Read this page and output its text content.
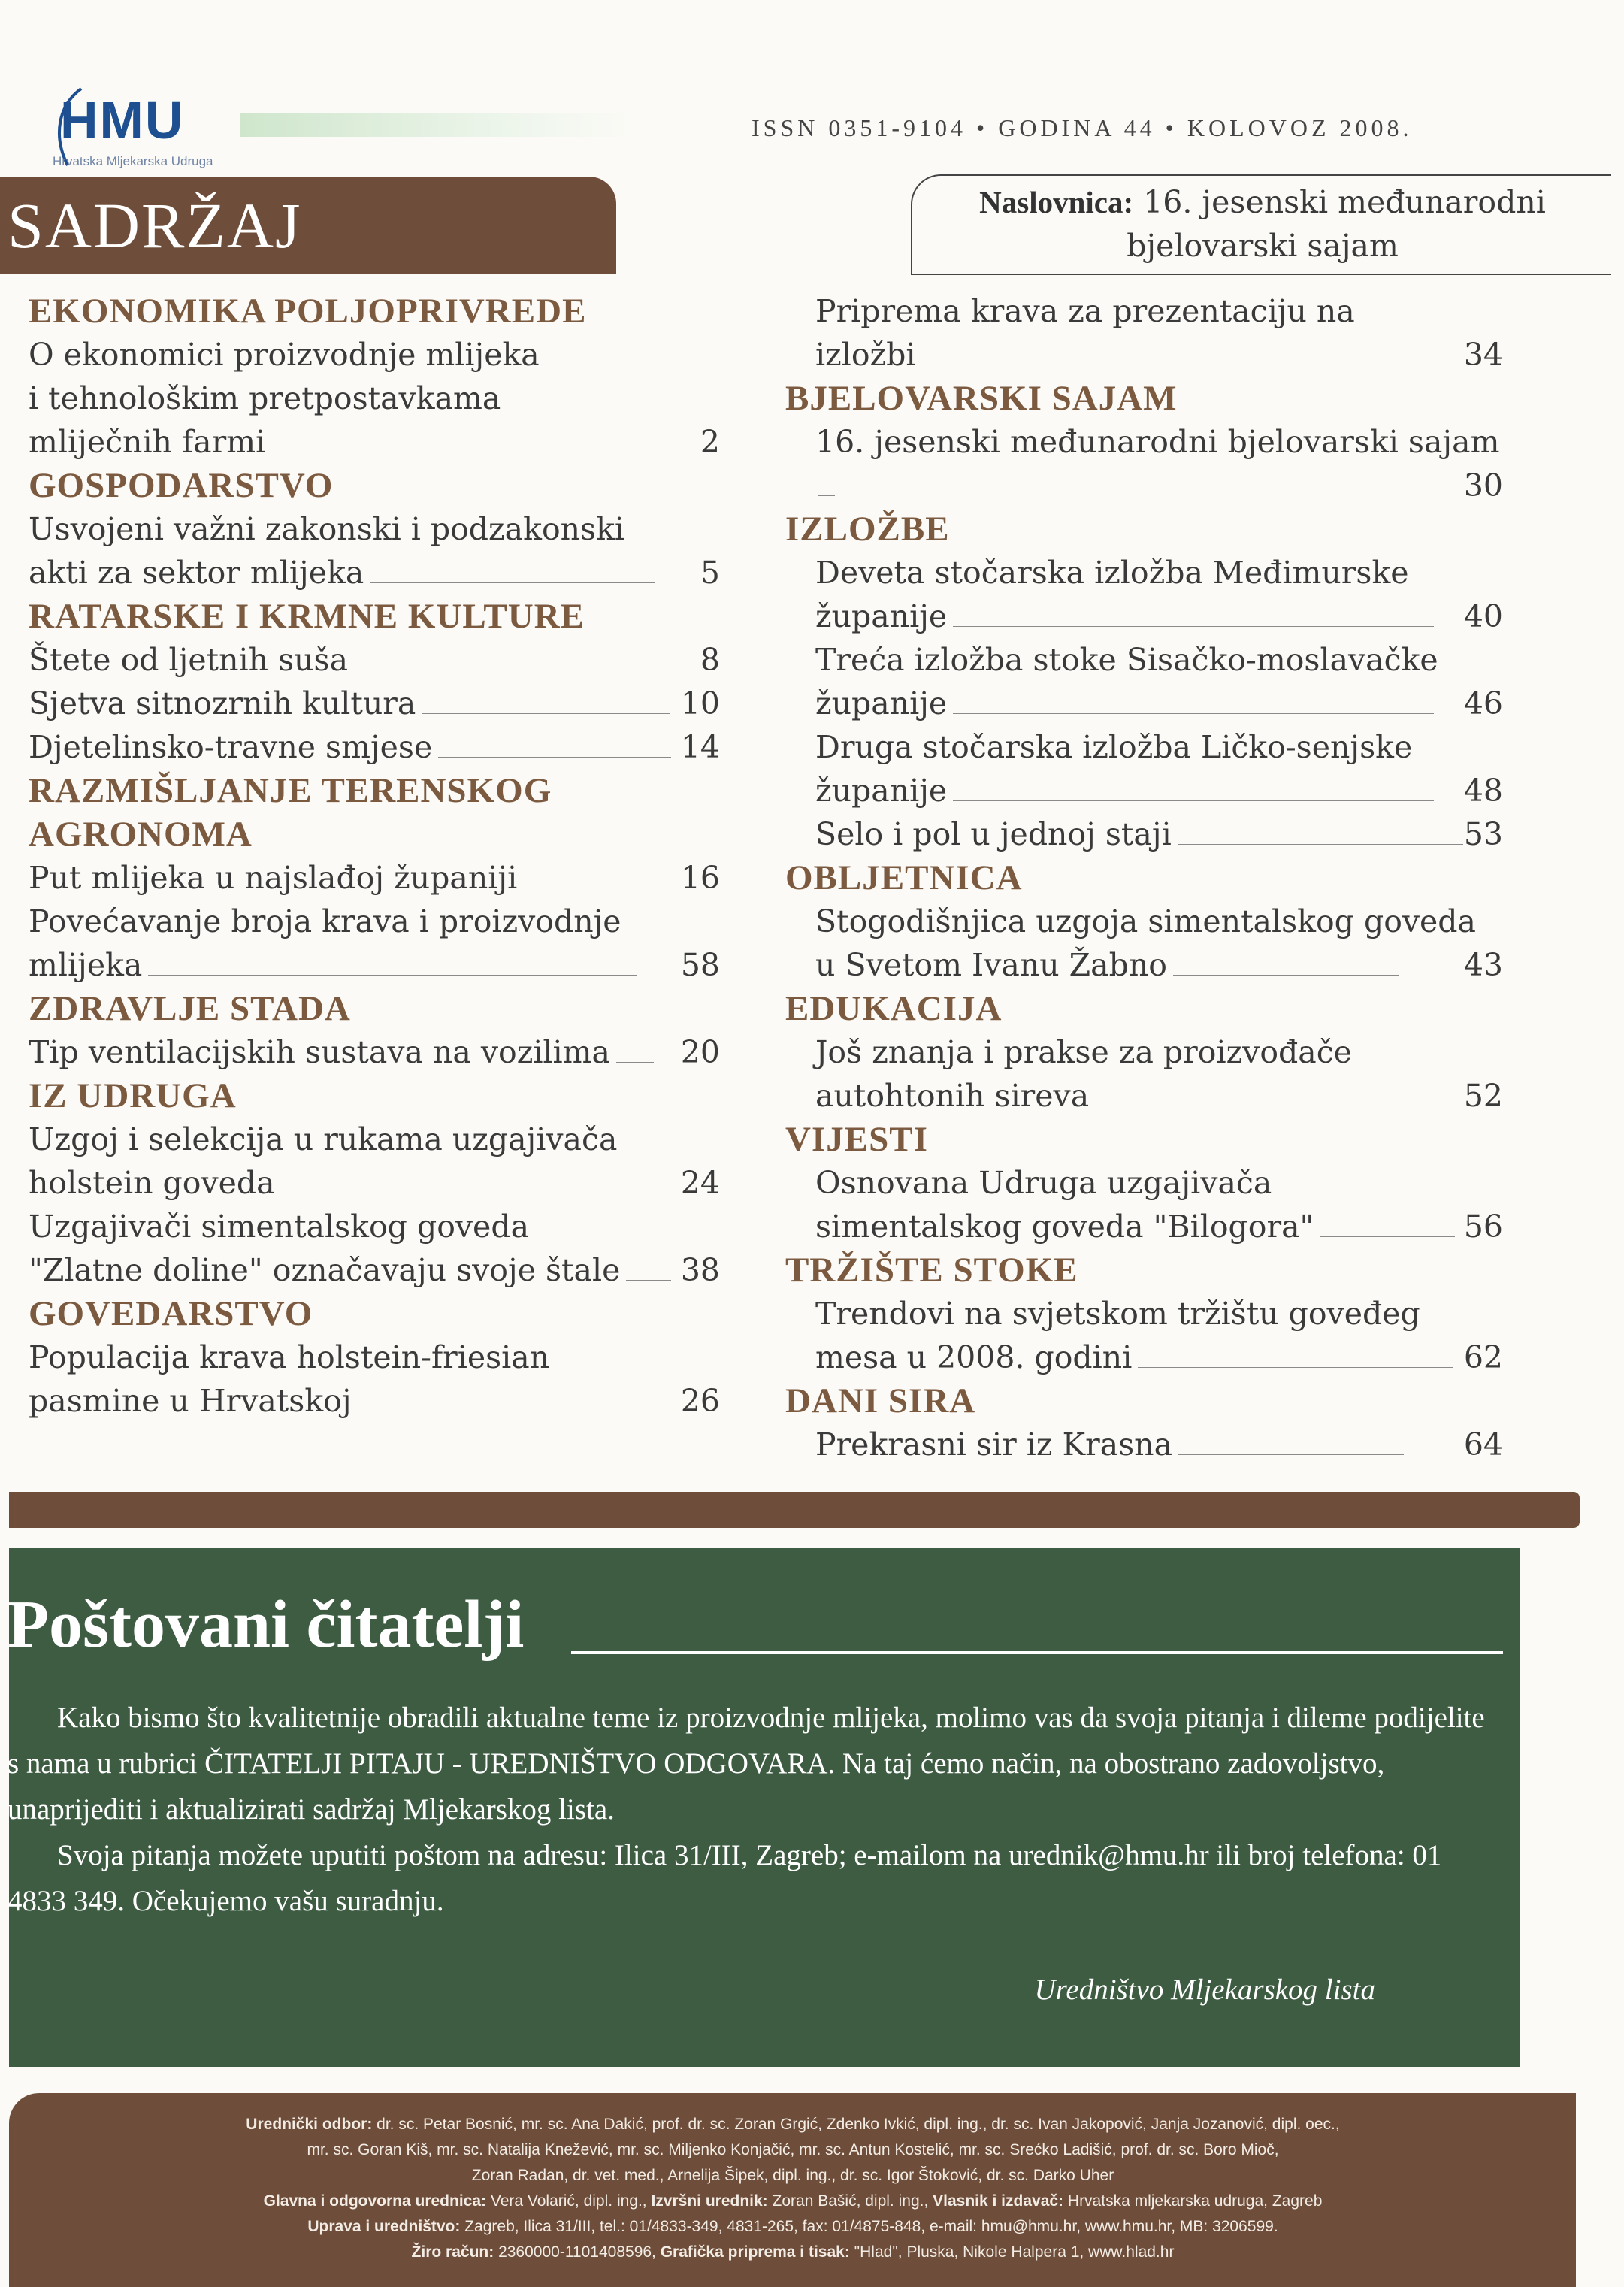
HMU
Hrvatska Mljekarska Udruga
ISSN 0351-9104 • GODINA 44 • KOLOVOZ 2008.
SADRŽAJ	Naslovnica: 16. jesenski međunarodni
bjelovarski sajam
EKONOMIKA POLJOPRIVREDE
O ekonomici proizvodnje mlijeka
i tehnološkim pretpostavkama
mliječnih farmi	2
GOSPODARSTVO
Usvojeni važni zakonski i podzakonski
akti za sektor mlijeka	5
RATARSKE I KRMNE KULTURE
Štete od ljetnih suša	8
Sjetva sitnozrnih kultura	10
Djetelinsko-travne smjese	14
RAZMIŠLJANJE TERENSKOG
AGRONOMA
Put mlijeka u najslađoj županiji	16
Povećavanje broja krava i proizvodnje
mlijeka	58
ZDRAVLJE STADA
Tip ventilacijskih sustava na vozilima 20
IZ UDRUGA
Uzgoj i selekcija u rukama uzgajivača
holstein goveda	24
Uzgajivači simentalskog goveda
"Zlatne doline" označavaju svoje štale 38
GOVEDARSTVO
Populacija krava holstein-friesian
pasmine u Hrvatskoj	26
Priprema krava za prezentaciju na
izložbi	34
BJELOVARSKI SAJAM
16. jesenski međunarodni bjelovarski sajam
30
IZLOŽBE
Deveta stočarska izložba Međimurske
županije	40
Treća izložba stoke Sisačko-moslavačke
županije	46
Druga stočarska izložba Ličko-senjske
županije	48
Selo i pol u jednoj staji	53
OBLJETNICA
Stogodišnjica uzgoja simentalskog goveda
u Svetom Ivanu Žabno	43
EDUKACIJA
Još znanja i prakse za proizvođače
autohtonih sireva	52
VIJESTI
Osnovana Udruga uzgajivača
simentalskog goveda "Bilogora"	56
TRŽIŠTE STOKE
Trendovi na svjetskom tržištu goveđeg
mesa u 2008. godini	62
DANI SIRA
Prekrasni sir iz Krasna	64
Poštovani čitatelji

Kako bismo što kvalitetnije obradili aktualne teme iz proizvodnje mlijeka, molimo vas da svoja pitanja i dileme podijelite s nama u rubrici ČITATELJI PITAJU - UREDNIŠTVO ODGOVARA. Na taj ćemo način, na obostrano zadovoljstvo, unaprijediti i aktualizirati sadržaj Mljekarskog lista.

Svoja pitanja možete uputiti poštom na adresu: Ilica 31/III, Zagreb; e-mailom na urednik@hmu.hr ili broj telefona: 01 4833 349. Očekujemo vašu suradnju.

Uredništvo Mljekarskog lista
Urednički odbor: dr. sc. Petar Bosnić, mr. sc. Ana Dakić, prof. dr. sc. Zoran Grgić, Zdenko Ivkić, dipl. ing., dr. sc. Ivan Jakopović, Janja Jozanović, dipl. oec.,
mr. sc. Goran Kiš, mr. sc. Natalija Knežević, mr. sc. Miljenko Konjačić, mr. sc. Antun Kostelić, mr. sc. Srećko Ladišić, prof. dr. sc. Boro Mioč,
Zoran Radan, dr. vet. med., Arnelija Šipek, dipl. ing., dr. sc. Igor Štoković, dr. sc. Darko Uher
Glavna i odgovorna urednica: Vera Volarić, dipl. ing., Izvršni urednik: Zoran Bašić, dipl. ing., Vlasnik i izdavač: Hrvatska mljekarska udruga, Zagreb
Uprava i uredništvo: Zagreb, Ilica 31/III, tel.: 01/4833-349, 4831-265, fax: 01/4875-848, e-mail: hmu@hmu.hr, www.hmu.hr, MB: 3206599.
Žiro račun: 2360000-1101408596, Grafička priprema i tisak: "Hlad", Pluska, Nikole Halpera 1, www.hlad.hr
